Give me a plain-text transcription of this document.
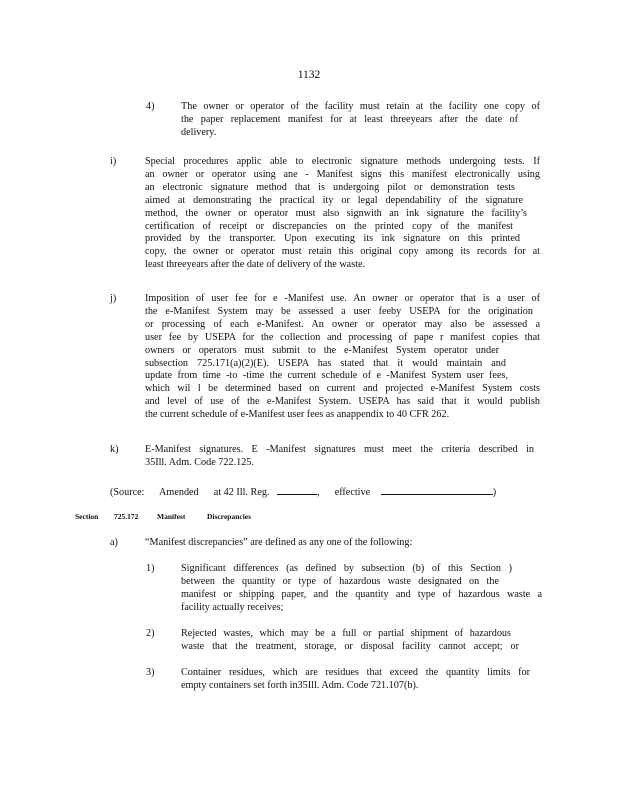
1132
4)	The owner or operator of the facility must retain at the facility one copy of
the paper replacement manifest for at least threeyears after the date of
delivery.
i)	Special procedures applic able to electronic signature methods undergoing tests. If
an owner or operator using ane - Manifest signs this manifest electronically using
an electronic signature method that is undergoing pilot or demonstration tests
aimed at demonstrating the practical ity or legal dependability of the signature
method, the owner or operator must also signwith an ink signature the facility’s
certification of receipt or discrepancies on the printed copy of the manifest
provided by the transporter. Upon executing its ink signature on this printed
copy, the owner or operator must retain this original copy among its records for at
least threeyears after the date of delivery of the waste.
j)	Imposition of user fee for e -Manifest use. An owner or operator that is a user of
the e-Manifest System may be assessed a user feeby USEPA for the origination
or processing of each e-Manifest. An owner or operator may also be assessed a
user fee by USEPA for the collection and processing of pape r manifest copies that
owners or operators must submit to the e-Manifest System operator under
subsection 725.171(a)(2)(E). USEPA has stated that it would maintain and
update from time -to -time the current schedule of e -Manifest System user fees,
which wil l be determined based on current and projected e-Manifest System costs
and level of use of the e-Manifest System. USEPA has said that it would publish
the current schedule of e-Manifest user fees as anappendix to 40 CFR 262.
k)	E-Manifest signatures. E -Manifest signatures must meet the criteria described in
35Ill. Adm. Code 722.125.
(Source: Amended at 42 Ill. Reg.	, effective	)
Section 725.172 Manifest	Discrepancies
a)	“Manifest discrepancies” are defined as any one of the following:
1)	Significant differences (as defined by subsection (b) of this Section )
between the quantity or type of hazardous waste designated on the
manifest or shipping paper, and the quantity and type of hazardous waste a
facility actually receives;
2)	Rejected wastes, which may be a full or partial shipment of hazardous
waste that the treatment, storage, or disposal facility cannot accept; or
3)	Container residues, which are residues that exceed the quantity limits for
empty containers set forth in35Ill. Adm. Code 721.107(b).
